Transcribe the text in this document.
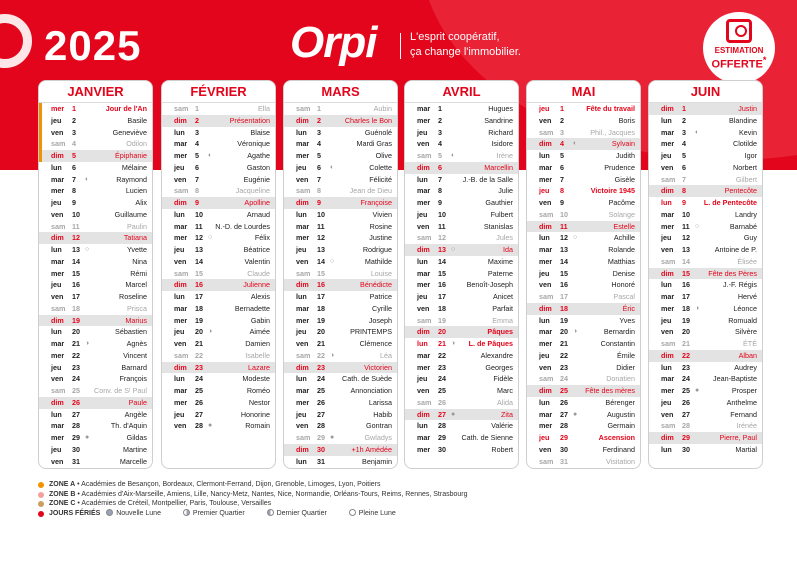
2025	Orpi	L'esprit coopératif,
ça change l'immobilier.	ESTIMATION
OFFERTE*
JANVIER
mer 1	Jour de l'An
jeu 2	Basile
ven 3	Geneviève
sam 4	Odilon
dim 5	Épiphanie
lun 6	Mélaine
mar 7 ◐	Raymond
mer 8	Lucien
jeu 9	Alix
ven 10	Guillaume
sam 11	Paulin
dim 12	Tatiana
lun 13 ○	Yvette
mar 14	Nina
mer 15	Rémi
jeu 16	Marcel
ven 17	Roseline
sam 18	Prisca
dim 19	Marius
lun 20	Sébastien
mar 21 ◑	Agnès
mer 22	Vincent
jeu 23	Barnard
ven 24	François
sam 25 Conv. de Sᵗ Paul
dim 26	Paule
lun 27	Angèle
mar 28	Th. d'Aquin
mer 29 ●	Gildas
jeu 30	Martine
ven 31	Marcelle
FÉVRIER
sam 1	Ella
dim 2	Présentation
lun 3	Blaise
mar 4	Véronique
mer 5 ◐	Agathe
jeu 6	Gaston
ven 7	Eugénie
sam 8	Jacqueline
dim 9	Apolline
lun 10	Arnaud
mar 11 N.-D. de Lourdes
mer 12 ○	Félix
jeu 13	Béatrice
ven 14	Valentin
sam 15	Claude
dim 16	Julienne
lun 17	Alexis
mar 18	Bernadette
mer 19	Gabin
jeu 20 ◑	Aimée
ven 21	Damien
sam 22	Isabelle
dim 23	Lazare
lun 24	Modeste
mar 25	Roméo
mer 26	Nestor
jeu 27	Honorine
ven 28 ●	Romain
MARS
sam 1	Aubin
dim 2	Charles le Bon
lun 3	Guénolé
mar 4	Mardi Gras
mer 5	Olive
jeu 6 ◐	Colette
ven 7	Félicité
sam 8	Jean de Dieu
dim 9	Françoise
lun 10	Vivien
mar 11	Rosine
mer 12	Justine
jeu 13	Rodrigue
ven 14 ○	Mathilde
sam 15	Louise
dim 16	Bénédicte
lun 17	Patrice
mar 18	Cyrille
mer 19	Joseph
jeu 20	PRINTEMPS
ven 21	Clémence
sam 22 ◑	Léa
dim 23	Victorien
lun 24 Cath. de Suède
mar 25	Annonciation
mer 26	Larissa
jeu 27	Habib
ven 28	Gontran
sam 29 ●	Gwladys
dim 30	+1h Amédée
lun 31	Benjamin
AVRIL
mar 1	Hugues
mer 2	Sandrine
jeu 3	Richard
ven 4	Isidore
sam 5 ◐	Irène
dim 6	Marcellin
lun 7	J.-B. de la Salle
mar 8	Julie
mer 9	Gauthier
jeu 10	Fulbert
ven 11	Stanislas
sam 12	Jules
dim 13 ○	Ida
lun 14	Maxime
mar 15	Paterne
mer 16	Benoît-Joseph
jeu 17	Anicet
ven 18	Parfait
sam 19	Emma
dim 20	Pâques
lun 21 ◑ L. de Pâques
mar 22	Alexandre
mer 23	Georges
jeu 24	Fidèle
ven 25	Marc
sam 26	Alida
dim 27 ●	Zita
lun 28	Valérie
mar 29 Cath. de Sienne
mer 30	Robert
MAI
jeu 1	Fête du travail
ven 2	Boris
sam 3	Phil., Jacques
dim 4 ◐	Sylvain
lun 5	Judith
mar 6	Prudence
mer 7	Gisèle
jeu 8	Victoire 1945
ven 9	Pacôme
sam 10	Solange
dim 11	Estelle
lun 12 ○	Achille
mar 13	Rolande
mer 14	Matthias
jeu 15	Denise
ven 16	Honoré
sam 17	Pascal
dim 18	Éric
lun 19	Yves
mar 20 ◑	Bernardin
mer 21	Constantin
jeu 22	Émile
ven 23	Didier
sam 24	Donatien
dim 25 Fête des mères
lun 26	Bérenger
mar 27 ●	Augustin
mer 28	Germain
jeu 29	Ascension
ven 30	Ferdinand
sam 31	Visitation
JUIN
dim 1	Justin
lun 2	Blandine
mar 3 ◐	Kevin
mer 4	Clotilde
jeu 5	Igor
ven 6	Norbert
sam 7	Gilbert
dim 8	Pentecôte
lun 9 L. de Pentecôte
mar 10	Landry
mer 11 ○	Barnabé
jeu 12	Guy
ven 13	Antoine de P.
sam 14	Élisée
dim 15	Fête des Pères
lun 16	J.-F. Régis
mar 17	Hervé
mer 18 ◑	Léonce
jeu 19	Romuald
ven 20	Silvère
sam 21	ÉTÉ
dim 22	Alban
lun 23	Audrey
mar 24	Jean-Baptiste
mer 25 ●	Prosper
jeu 26	Anthelme
ven 27	Fernand
sam 28	Irénée
dim 29	Pierre, Paul
lun 30	Martial
ZONE A • Académies de Besançon, Bordeaux, Clermont-Ferrand, Dijon, Grenoble, Limoges, Lyon, Poitiers
ZONE B • Académies d'Aix-Marseille, Amiens, Lille, Nancy-Metz, Nantes, Nice, Normandie, Orléans-Tours, Reims, Rennes, Strasbourg
ZONE C • Académies de Créteil, Montpellier, Paris, Toulouse, Versailles
JOURS FÉRIÉS Nouvelle Lune	Premier Quartier	Dernier Quartier	Pleine Lune
